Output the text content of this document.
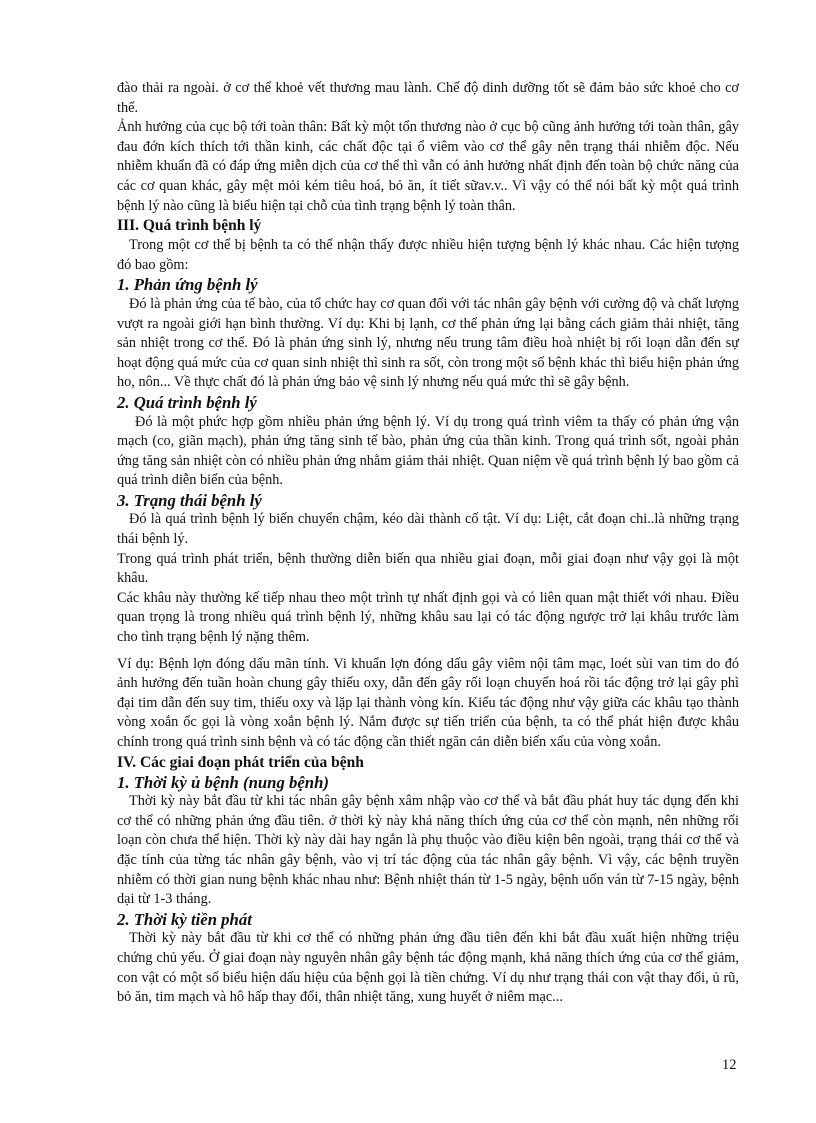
đào thải ra ngoài. ở cơ thể khoẻ vết thương mau lành. Chế độ dinh dưỡng tốt sẽ đảm bảo sức khoẻ cho cơ thể.

Ảnh hưởng của cục bộ tới toàn thân: Bất kỳ một tổn thương nào ở cục bộ cũng ảnh hưởng tới toàn thân, gây đau đớn kích thích tới thần kinh, các chất độc tại ổ viêm vào cơ thể gây nên trạng thái nhiễm độc. Nếu nhiễm khuẩn đã có đáp ứng miễn dịch của cơ thể thì vẫn có ảnh hưởng nhất định đến toàn bộ chức năng của các cơ quan khác, gây mệt mỏi kém tiêu hoá, bỏ ăn, ít tiết sữav.v.. Vì vậy có thể nói bất kỳ một quá trình bệnh lý nào cũng là biểu hiện tại chỗ của tình trạng bệnh lý toàn thân.

III. Quá trình bệnh lý

Trong một cơ thể bị bệnh ta có thể nhận thấy được nhiều hiện tượng bệnh lý khác nhau. Các hiện tượng đó bao gồm:

1. Phản ứng bệnh lý

Đó là phản ứng của tế bào, của tổ chức hay cơ quan đối với tác nhân gây bệnh với cường độ và chất lượng vượt ra ngoài giới hạn bình thường. Ví dụ: Khi bị lạnh, cơ thể phản ứng lại bằng cách giảm thải nhiệt, tăng sản nhiệt trong cơ thể. Đó là phản ứng sinh lý, nhưng nếu trung tâm điều hoà nhiệt bị rối loạn dẫn đến sự hoạt động quá mức của cơ quan sinh nhiệt thì sinh ra sốt, còn trong một số bệnh khác thì biểu hiện phản ứng ho, nôn... Về thực chất đó là phản ứng bảo vệ sinh lý nhưng nếu quá mức thì sẽ gây bệnh.

2. Quá trình bệnh lý

Đó là một phức hợp gồm nhiều phản ứng bệnh lý. Ví dụ trong quá trình viêm ta thấy có phản ứng vận mạch (co, giãn mạch), phản ứng tăng sinh tế bào, phản ứng của thần kinh. Trong quá trình sốt, ngoài phản ứng tăng sản nhiệt còn có nhiều phản ứng nhằm giảm thải nhiệt. Quan niệm về quá trình bệnh lý bao gồm cả quá trình diễn biến của bệnh.

3. Trạng thái bệnh lý

Đó là quá trình bệnh lý biến chuyển chậm, kéo dài thành cố tật. Ví dụ: Liệt, cắt đoạn chi..là những trạng thái bệnh lý.

Trong quá trình phát triển, bệnh thường diễn biến qua nhiều giai đoạn, mỗi giai đoạn như vậy gọi là một khâu.

Các khâu này thường kế tiếp nhau theo một trình tự nhất định gọi và có liên quan mật thiết với nhau. Điều quan trọng là trong nhiều quá trình bệnh lý, những khâu sau lại có tác động ngược trở lại khâu trước làm cho tình trạng bệnh lý nặng thêm.

Ví dụ: Bệnh lợn đóng dấu mãn tính. Vi khuẩn lợn đóng dấu gây viêm nội tâm mạc, loét sùi van tim do đó ảnh hưởng đến tuần hoàn chung gây thiếu oxy, dẫn đến gây rối loạn chuyển hoá rồi tác động trở lại gây phì đại tim dẫn đến suy tim, thiếu oxy và lặp lại thành vòng kín. Kiểu tác động như vậy giữa các khâu tạo thành vòng xoắn ốc gọi là vòng xoắn bệnh lý. Nắm được sự tiến triển của bệnh, ta có thể phát hiện được khâu chính trong quá trình sinh bệnh và có tác động cần thiết ngăn cản diễn biến xấu của vòng xoắn.

IV. Các giai đoạn phát triển của bệnh
1. Thời kỳ ủ bệnh (nung bệnh)

Thời kỳ này bắt đầu từ khi tác nhân gây bệnh xâm nhập vào cơ thể và bắt đầu phát huy tác dụng đến khi cơ thể có những phản ứng đầu tiên. ở thời kỳ này khả năng thích ứng của cơ thể còn mạnh, nên những rối loạn còn chưa thể hiện. Thời kỳ này dài hay ngắn là phụ thuộc vào điều kiện bên ngoài, trạng thái cơ thể và đặc tính của từng tác nhân gây bệnh, vào vị trí tác động của tác nhân gây bệnh. Vì vậy, các bệnh truyền nhiễm có thời gian nung bệnh khác nhau như: Bệnh nhiệt thán từ 1-5 ngày, bệnh uốn ván từ 7-15 ngày, bệnh dại từ 1-3 tháng.

2. Thời kỳ tiền phát

Thời kỳ này bắt đầu từ khi cơ thể có những phản ứng đầu tiên đến khi bắt đầu xuất hiện những triệu chứng chủ yếu. Ở giai đoạn này nguyên nhân gây bệnh tác động mạnh, khả năng thích ứng của cơ thể giảm, con vật có một số biểu hiện dấu hiệu của bệnh gọi là tiền chứng. Ví dụ như trạng thái con vật thay đổi, ủ rũ, bỏ ăn, tim mạch và hô hấp thay đổi, thân nhiệt tăng, xung huyết ở niêm mạc...

12
